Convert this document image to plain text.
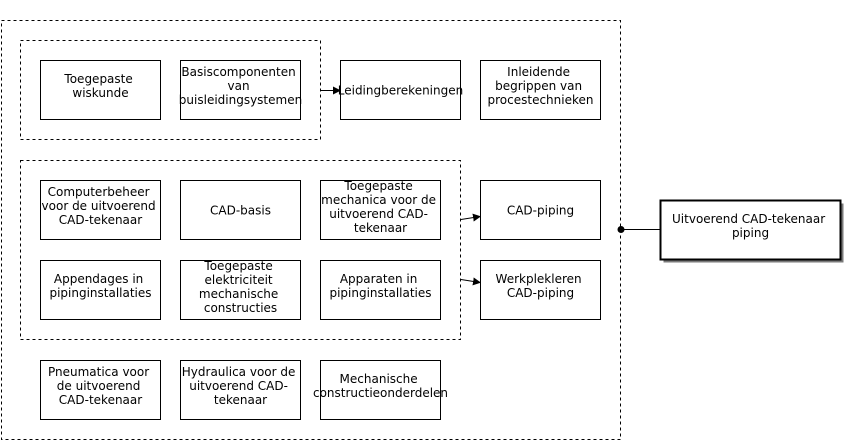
Toegepaste wiskunde
Basiscomponenten van buisleidingsystemen
Leidingberekeningen
Inleidende begrippen van procestechnieken
Computerbeheer voor de uitvoerend CAD-tekenaar
CAD-basis
Toegepaste mechanica voor de uitvoerend CAD- tekenaar
CAD-piping
Appendages in pipinginstallaties
Toegepaste elektriciteit mechanische constructies
Apparaten in pipinginstallaties
Werkplekleren CAD-piping
Pneumatica voor de uitvoerend CAD-tekenaar
Hydraulica voor de uitvoerend CAD- tekenaar
Mechanische constructieonderdelen
Uitvoerend CAD-tekenaar piping
